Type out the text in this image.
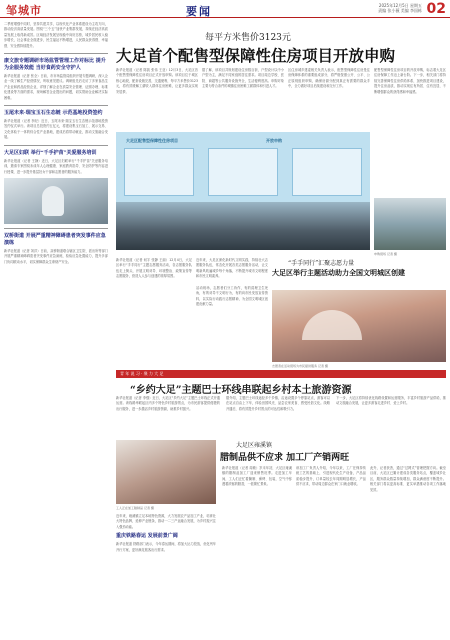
邹城市	要闻	2025年12月5日 星期五
责编 张小薇 美编 李国栋 02
二季度增强中同时，坚持共建共享，以现代化产业体系建设为主攻方向，推动经济高质量发展。围绕“三个五”加快产业集群发展，持续在经济高质量发展上取得新成效。区域经济发展呈现稳中向好态势，城乡居民收入稳步增长，社会事业全面进步，民生福祉不断增进，人民群众获得感、幸福感、安全感持续提升。
康文旅专题调研市场监管管理工作对标比 提升为企服务效能 当好食药安全守护人
新华社报道（记者 张全）日前，市市场监管局组织开展专题调研，深入企业一线了解生产经营情况，听取意见建议。调研组先后走访了多家食品生产企业和药品经营企业，详细了解企业在质量安全管理、证照办理、标准化建设等方面的需求，现场解答企业提出的问题，切实帮助企业解决实际困难。
玉尾未来·瑞宝玉石生态链 示范基地投资签约
新华社报道（记者 李纪）近日，玉尾未来·瑞宝玉石生态链示范基地投资签约仪式举行。该项目总投资约五亿元，将建设集玉石加工、展示交易、文化体验于一体的综合性产业基地，建成后将带动就业，推动文旅融合发展。
大足区妇联 举行“千手护苗”关爱服务培训
新华社报道（记者 王静）近日，大足区妇联举行“千手护苗”关爱服务培训，邀请专家围绕未成年人心理健康、家庭教育指导、安全防护等内容进行授课，进一步提升基层妇女干部和志愿者的服务能力。
双桥街道 开展严重精神障碍患者突发事件应急演练
新华社报道（记者 刘洋）日前，双桥街道联合辖区卫生院、派出所等部门开展严重精神障碍患者突发事件应急演练，检验应急处置能力，提升多部门协同联动水平，切实保障群众生命财产安全。
每平方米售价3123元
大足首个配售型保障性住房项目开放申购
新华社报道（记者 陈凯 张伟 王亚）12月3日，大足区首个配售型保障性住房项目正式开放申购。该项目位于城区核心地段，配套设施完善，交通便利，每平方米售价3123元，将有效缓解工薪收入群体住房困难，让更多群众实现安居梦。
据了解，该项目共规划建设住房数百套，户型设计以中小户型为主，满足不同家庭的居住需求。项目周边学校、医院、商超等公共服务设施齐全，生活便利度高。申购对象主要为符合条件的城镇住房困难工薪群体和引进人才。
区住房城乡建委相关负责人表示，配售型保障性住房是住房保障体系的重要组成部分，将严格按照公开、公平、公正原则组织申购，确保房源分配到真正有需要的群众手中，全力做好项目后续建设和交付工作。
大足区配售型保障性住房项目	开放申购
配售型保障性住房项目的开放申购，标志着大足区住房保障工作迈上新台阶。下一步，相关部门将持续完善保障性住房供给体系，加快推进项目建设，提升住房品质，推动实现住有所居、住有宜居，不断增强群众的获得感和幸福感。
申购现场 记者 摄
新华社报道（记者 何宇 张静 王丽）12月4日，大足区举行“手手同行”主题志愿服务活动，各志愿服务队伍走上街头，开展文明劝导、环境整治、政策宣传等志愿服务，营造人人参与创建的浓厚氛围。
活动现场，志愿者们分工协作，有的清理卫生死角，有的劝导不文明行为，有的向市民发放宣传资料，以实际行动践行志愿精神，为全国文明城区创建贡献力量。
“手手同行”汇聚志愿力量
大足区举行主题活动助力全国文明城区创建
近年来，大足区深化新时代文明实践，持续壮大志愿服务队伍，常态化开展各类志愿服务活动，让文明新风吹遍城乡每个角落，不断提升城市文明程度和市民文明素养。
志愿者在活动现场为市民提供服务 记者 摄
青 年 说 习 · 聚 力 大 足
“乡约大足”主题巴士环线串联起乡村本土旅游资源
新华社报道（记者 李强）近日，大足区“乡约大足”主题巴士环线正式开通运营。该线路串联起区内多个特色乡村旅游景点，为市民游客提供便捷的出行服务，进一步激活乡村旅游资源，助推乡村振兴。
据介绍，主题巴士环线途经多个乡镇，沿途设置多个停靠站点，游客可以在站点自由上下车，体验田园风光、品尝农家美食、感受民俗文化。线路开通后，将有效提升乡村景点的可达性和吸引力。
下一步，大足区将持续优化线路设置和运营服务，丰富乡村旅游产品供给，推动文旅融合发展，让更多游客走进乡村、爱上乡村。
大足区雍溪镇
腊制品供不应求 加工厂产销两旺
工人正在加工腊制品 记者 摄
新华社报道（记者 周敏）岁末年初，大足区雍溪镇的腊制品加工厂迎来销售旺季。走进加工车间，工人们正忙着腌制、熏烤、包装，空气中弥漫着浓郁的腊香，一派繁忙景象。
该加工厂负责人介绍，今年以来，工厂在保持传统工艺的基础上，引进现代化生产设备，产品品质稳步提升，订单量较去年同期明显增长，产品供不应求，带动周边群众在家门口就业增收。
近年来，雍溪镇立足本地特色资源，大力发展农产品加工产业，培育壮大特色品牌，延伸产业链条，推动一二三产业融合发展，为乡村振兴注入强劲动能。
重庆铁路春运 发展前景广阔
新华社报道 铁路部门表示，今年春运期间，将加大运力投放，优化列车开行方案，更好满足旅客出行需求。
此外，记者获悉，通过“过网式”管理把握方向。截至目前，大足区已累计建成各类服务站点，覆盖城乡社区，服务群众数量持续增加，群众满意度不断提升。相关部门将以更高标准、更实举措推动各项工作落地见效。
